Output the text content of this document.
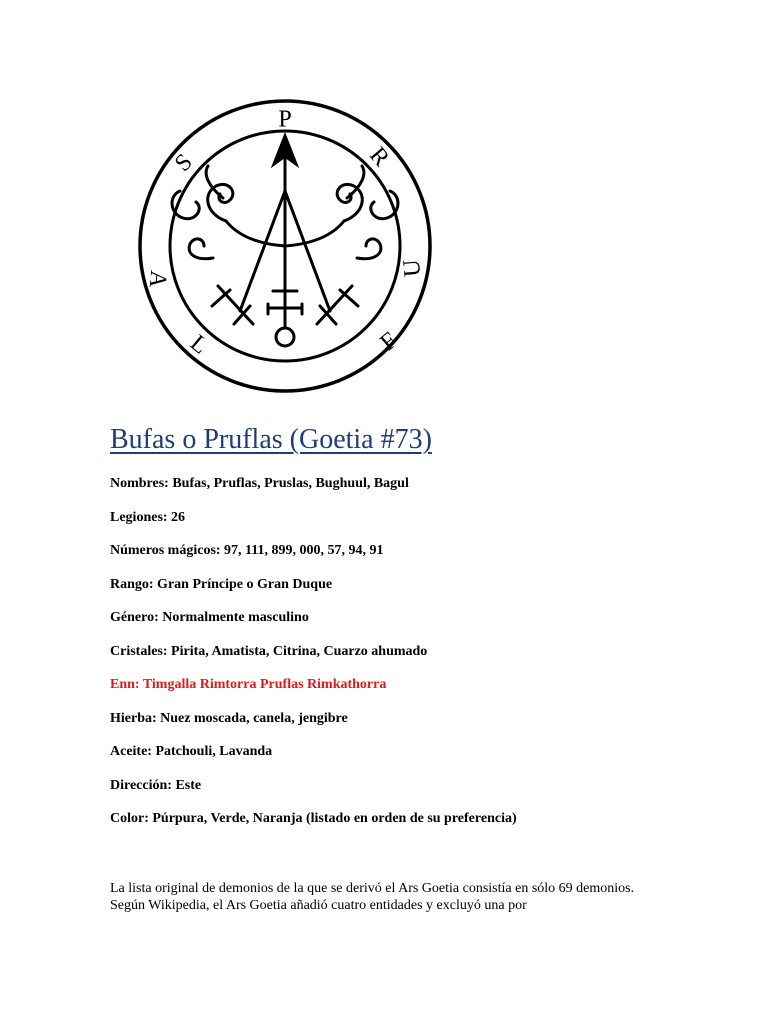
P
R
U
F
L
A
S
Bufas o Pruflas (Goetia #73)
Nombres: Bufas, Pruflas, Pruslas, Bughuul, Bagul
Legiones: 26
Números mágicos: 97, 111, 899, 000, 57, 94, 91
Rango: Gran Príncipe o Gran Duque
Género: Normalmente masculino
Cristales: Pirita, Amatista, Citrina, Cuarzo ahumado
Enn: Timgalla Rimtorra Pruflas Rimkathorra
Hierba: Nuez moscada, canela, jengibre
Aceite: Patchouli, Lavanda
Dirección: Este
Color: Púrpura, Verde, Naranja (listado en orden de su preferencia)

La lista original de demonios de la que se derivó el Ars Goetia consistía en sólo 69 demonios. Según Wikipedia, el Ars Goetia añadió cuatro entidades y excluyó una por
